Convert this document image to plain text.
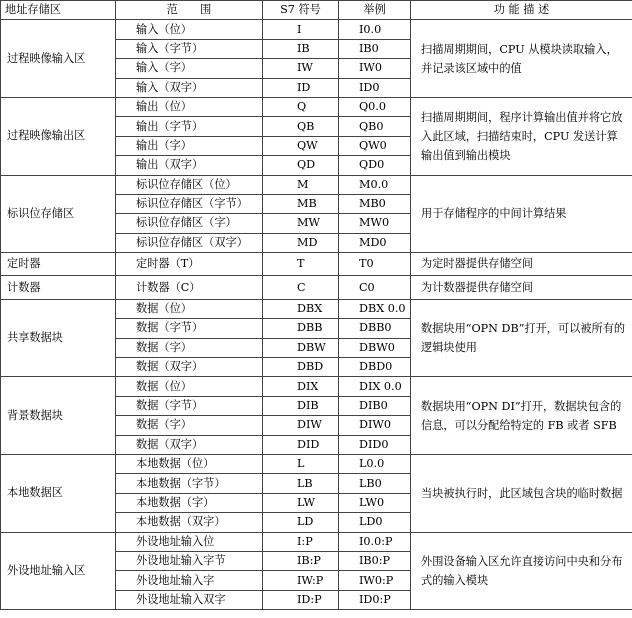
地址存储区	范　　围	S7 符号	举例	功 能 描 述
过程映像输入区	输入（位）	I	I0.0	扫描周期期间，CPU 从模块读取输入，并记录该区域中的值
	输入（字节）	IB	IB0	
	输入（字）	IW	IW0	
	输入（双字）	ID	ID0	
过程映像输出区	输出（位）	Q	Q0.0	扫描周期期间，程序计算输出值并将它放入此区域，扫描结束时，CPU 发送计算输出值到输出模块
	输出（字节）	QB	QB0	
	输出（字）	QW	QW0	
	输出（双字）	QD	QD0	
标识位存储区	标识位存储区（位）	M	M0.0	用于存储程序的中间计算结果
	标识位存储区（字节）	MB	MB0	
	标识位存储区（字）	MW	MW0	
	标识位存储区（双字）	MD	MD0	
定时器	定时器（T）	T	T0	为定时器提供存储空间
计数器	计数器（C）	C	C0	为计数器提供存储空间
共享数据块	数据（位）	DBX	DBX 0.0	数据块用“OPN DB”打开，可以被所有的逻辑块使用
	数据（字节）	DBB	DBB0	
	数据（字）	DBW	DBW0	
	数据（双字）	DBD	DBD0	
背景数据块	数据（位）	DIX	DIX 0.0	数据块用“OPN DI”打开，数据块包含的信息，可以分配给特定的 FB 或者 SFB
	数据（字节）	DIB	DIB0	
	数据（字）	DIW	DIW0	
	数据（双字）	DID	DID0	
本地数据区	本地数据（位）	L	L0.0	当块被执行时，此区域包含块的临时数据
	本地数据（字节）	LB	LB0	
	本地数据（字）	LW	LW0	
	本地数据（双字）	LD	LD0	
外设地址输入区	外设地址输入位	I:P	I0.0:P	外围设备输入区允许直接访问中央和分布式的输入模块
	外设地址输入字节	IB:P	IB0:P	
	外设地址输入字	IW:P	IW0:P	
	外设地址输入双字	ID:P	ID0:P	
